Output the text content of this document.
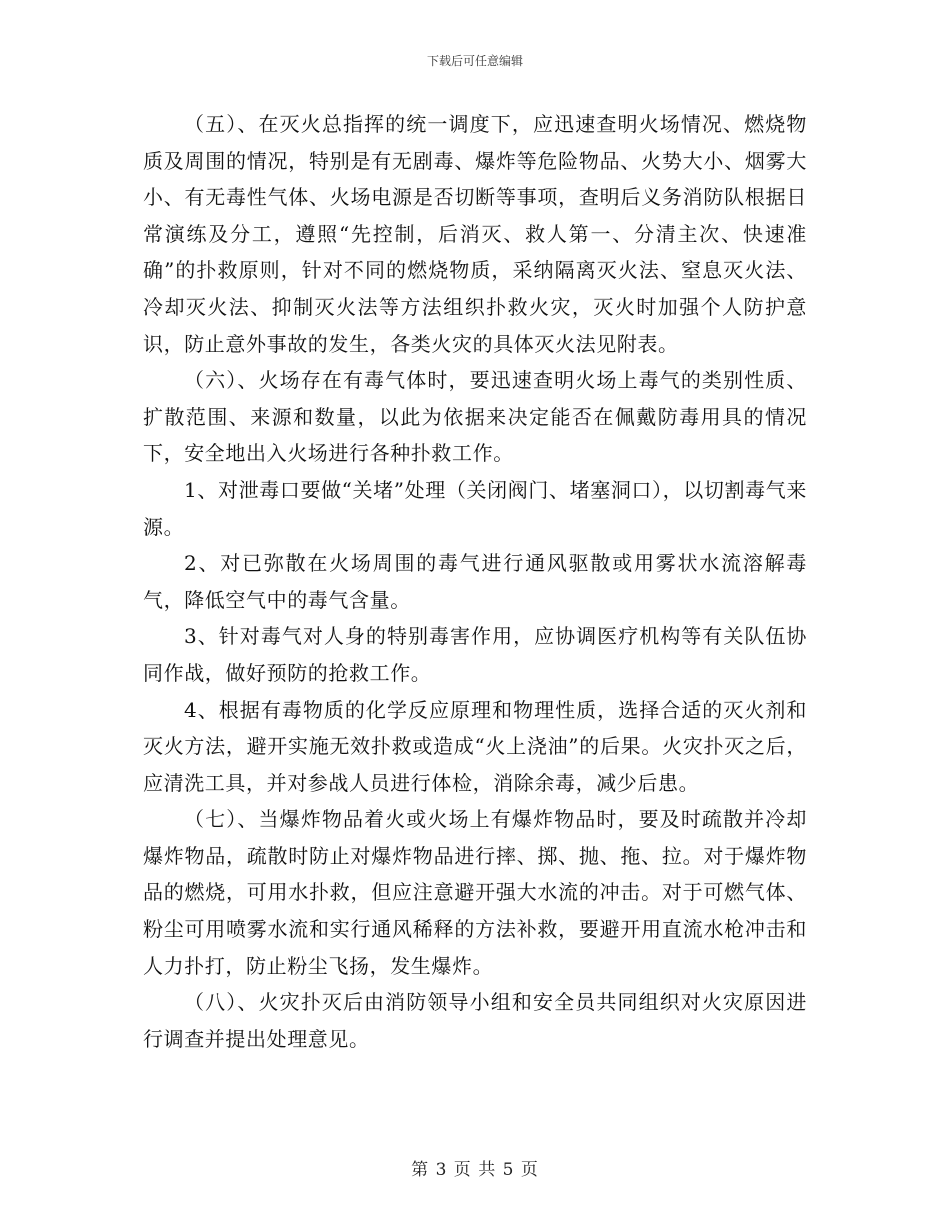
下载后可任意编辑

（五）、在灭火总指挥的统一调度下，应迅速查明火场情况、燃烧物质及周围的情况，特别是有无剧毒、爆炸等危险物品、火势大小、烟雾大小、有无毒性气体、火场电源是否切断等事项，查明后义务消防队根据日常演练及分工，遵照“先控制，后消灭、救人第一、分清主次、快速准确”的扑救原则，针对不同的燃烧物质，采纳隔离灭火法、窒息灭火法、冷却灭火法、抑制灭火法等方法组织扑救火灾，灭火时加强个人防护意识，防止意外事故的发生，各类火灾的具体灭火法见附表。

（六）、火场存在有毒气体时，要迅速查明火场上毒气的类别性质、扩散范围、来源和数量，以此为依据来决定能否在佩戴防毒用具的情况下，安全地出入火场进行各种扑救工作。

1、对泄毒口要做“关堵”处理（关闭阀门、堵塞洞口），以切割毒气来源。

2、对已弥散在火场周围的毒气进行通风驱散或用雾状水流溶解毒气，降低空气中的毒气含量。

3、针对毒气对人身的特别毒害作用，应协调医疗机构等有关队伍协同作战，做好预防的抢救工作。

4、根据有毒物质的化学反应原理和物理性质，选择合适的灭火剂和灭火方法，避开实施无效扑救或造成“火上浇油”的后果。火灾扑灭之后，应清洗工具，并对参战人员进行体检，消除余毒，减少后患。

（七）、当爆炸物品着火或火场上有爆炸物品时，要及时疏散并冷却爆炸物品，疏散时防止对爆炸物品进行摔、掷、抛、拖、拉。对于爆炸物品的燃烧，可用水扑救，但应注意避开强大水流的冲击。对于可燃气体、粉尘可用喷雾水流和实行通风稀释的方法补救，要避开用直流水枪冲击和人力扑打，防止粉尘飞扬，发生爆炸。

（八）、火灾扑灭后由消防领导小组和安全员共同组织对火灾原因进行调查并提出处理意见。

第 3 页 共 5 页
